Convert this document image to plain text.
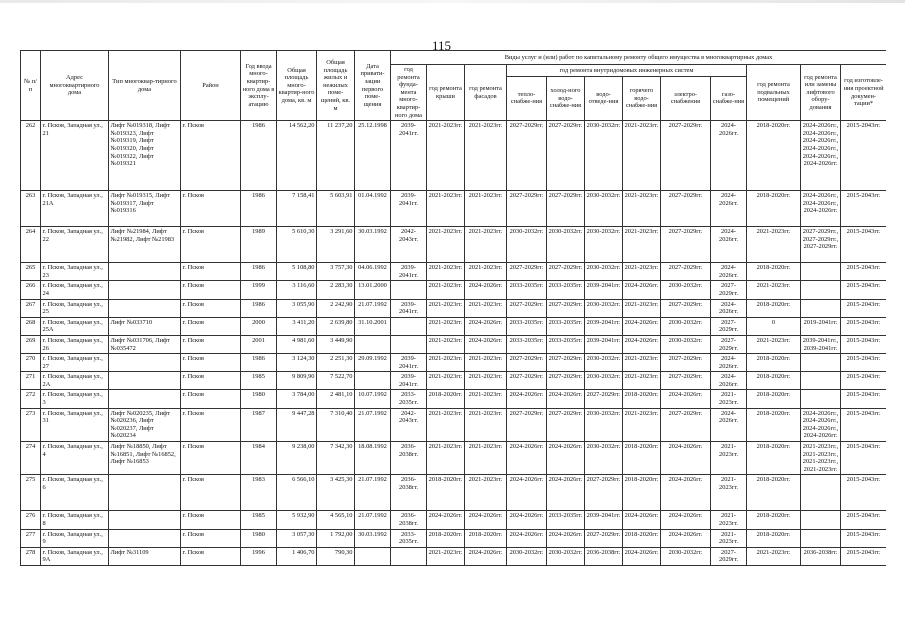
115
№ п/п	Адрес многоквартирного дома	Тип многоквар-тирного дома	Район	Год ввода много-квартир-ного дома в эксплу-атацию	Общая площадь много-квартир-ного дома, кв. м	Общая площадь жилых и нежилых поме-щений, кв. м	Дата привати-зации первого поме-щения	Виды услуг и (или) работ по капитальному ремонту общего имущества в многоквартирных домах											
								год ремонта фунда-мента много-квартир-ного дома	год ремонта крыши	год ремонта фасадов	год ремонта внутридомовых инженерных систем						год ремонта подвальных помещений	год ремонта или замены лифтового обору-дования	год изготовле-ния проектной докумен-тации*
											тепло-снабже-ния	холод-ного водо-снабже-ния	водо-отведе-ния	горячего водо-снабже-ния	электро-снабжения	газо-снабже-ния			
262	г. Псков, Западная ул., 21	Лифт №019318, Лифт №019323, Лифт №019319, Лифт №019320, Лифт №019322, Лифт №019321	г. Псков	1986	14 562,20	11 237,20	25.12.1998	2039-2041гг.	2021-2023гг.	2021-2023гг.	2027-2029гг.	2027-2029гг.	2030-2032гг.	2021-2023гг.	2027-2029гг.	2024-2026гг.	2018-2020гг.	2024-2026гг., 2024-2026гг., 2024-2026гг., 2024-2026гг., 2024-2026гг., 2024-2026гг.	2015-2043гг.
263	г. Псков, Западная ул., 21А	Лифт №019315, Лифт №019317, Лифт №019316	г. Псков	1986	7 158,41	5 603,91	01.04.1992	2039-2041гг.	2021-2023гг.	2021-2023гг.	2027-2029гг.	2027-2029гг.	2030-2032гг.	2021-2023гг.	2027-2029гг.	2024-2026гг.	2018-2020гг.	2024-2026гг., 2024-2026гг., 2024-2026гг.	2015-2043гг.
264	г. Псков, Западная ул., 22	Лифт №21984, Лифт №21982, Лифт №21983	г. Псков	1989	5 610,30	3 291,60	30.03.1992	2042-2043гг.	2021-2023гг.	2021-2023гг.	2030-2032гг.	2030-2032гг.	2030-2032гг.	2021-2023гг.	2027-2029гг.	2024-2026гг.	2021-2023гг.	2027-2029гг., 2027-2029гг., 2027-2029гг.	2015-2043гг.
265	г. Псков, Западная ул., 23		г. Псков	1986	5 108,80	3 757,30	04.06.1992	2039-2041гг.	2021-2023гг.	2021-2023гг.	2027-2029гг.	2027-2029гг.	2030-2032гг.	2021-2023гг.	2027-2029гг.	2024-2026гг.	2018-2020гг.		2015-2043гг.
266	г. Псков, Западная ул., 24		г. Псков	1999	3 116,60	2 283,30	13.01.2000		2021-2023гг.	2024-2026гг.	2033-2035гг.	2033-2035гг.	2039-2041гг.	2024-2026гг.	2030-2032гг.	2027-2029гг.	2021-2023гг.		2015-2043гг.
267	г. Псков, Западная ул., 25		г. Псков	1986	3 055,90	2 242,90	21.07.1992	2039-2041гг.	2021-2023гг.	2021-2023гг.	2027-2029гг.	2027-2029гг.	2030-2032гг.	2021-2023гг.	2027-2029гг.	2024-2026гг.	2018-2020гг.		2015-2043гг.
268	г. Псков, Западная ул., 25А	Лифт №033710	г. Псков	2000	3 411,20	2 639,80	31.10.2001		2021-2023гг.	2024-2026гг.	2033-2035гг.	2033-2035гг.	2039-2041гг.	2024-2026гг.	2030-2032гг.	2027-2029гг.	0	2019-2041гг.	2015-2043гг.
269	г. Псков, Западная ул., 26	Лифт №031706, Лифт №035472	г. Псков	2001	4 981,60	3 449,90			2021-2023гг.	2024-2026гг.	2033-2035гг.	2033-2035гг.	2039-2041гг.	2024-2026гг.	2030-2032гг.	2027-2029гг.	2021-2023гг.	2039-2041гг., 2039-2041гг.	2015-2043гг.
270	г. Псков, Западная ул., 27		г. Псков	1986	3 124,30	2 251,30	29.09.1992	2039-2041гг.	2021-2023гг.	2021-2023гг.	2027-2029гг.	2027-2029гг.	2030-2032гг.	2021-2023гг.	2027-2029гг.	2024-2026гг.	2018-2020гг.		2015-2043гг.
271	г. Псков, Западная ул., 2А		г. Псков	1985	9 809,90	7 522,70		2039-2041гг.	2021-2023гг.	2021-2023гг.	2027-2029гг.	2027-2029гг.	2030-2032гг.	2021-2023гг.	2027-2029гг.	2024-2026гг.	2018-2020гг.		2015-2043гг.
272	г. Псков, Западная ул., 3		г. Псков	1980	3 784,00	2 481,10	10.07.1992	2033-2035гг.	2018-2020гг.	2021-2023гг.	2024-2026гг.	2024-2026гг.	2027-2029гг.	2018-2020гг.	2024-2026гг.	2021-2023гг.	2018-2020гг.		2015-2043гг.
273	г. Псков, Западная ул., 31	Лифт №020235, Лифт №020236, Лифт №020237, Лифт №020234	г. Псков	1987	9 447,28	7 310,40	21.07.1992	2042-2043гг.	2021-2023гг.	2021-2023гг.	2027-2029гг.	2027-2029гг.	2030-2032гг.	2021-2023гг.	2027-2029гг.	2024-2026гг.	2018-2020гг.	2024-2026гг., 2024-2026гг., 2024-2026гг., 2024-2026гг.	2015-2043гг.
274	г. Псков, Западная ул., 4	Лифт №18850, Лифт №16851, Лифт №16852, Лифт №16853	г. Псков	1984	9 238,00	7 342,30	18.08.1992	2036-2038гг.	2021-2023гг.	2021-2023гг.	2024-2026гг.	2024-2026гг.	2030-2032гг.	2018-2020гг.	2024-2026гг.	2021-2023гг.	2018-2020гг.	2021-2023гг., 2021-2023гг., 2021-2023гг., 2021-2023гг.	2015-2043гг.
275	г. Псков, Западная ул., 6		г. Псков	1983	6 566,10	3 425,30	21.07.1992	2036-2038гг.	2018-2020гг.	2021-2023гг.	2024-2026гг.	2024-2026гг.	2027-2029гг.	2018-2020гг.	2024-2026гг.	2021-2023гг.	2018-2020гг.		2015-2043гг.
276	г. Псков, Западная ул., 8		г. Псков	1985	5 932,90	4 565,10	21.07.1992	2036-2038гг.	2024-2026гг.	2024-2026гг.	2024-2026гг.	2033-2035гг.	2039-2041гг.	2024-2026гг.	2024-2026гг.	2021-2023гг.	2018-2020гг.		2015-2043гг.
277	г. Псков, Западная ул., 9		г. Псков	1980	3 057,30	1 792,00	30.03.1992	2033-2035гг.	2018-2020гг.	2018-2020гг.	2024-2026гг.	2024-2026гг.	2027-2029гг.	2018-2020гг.	2024-2026гг.	2021-2023гг.	2018-2020гг.		2015-2043гг.
278	г. Псков, Западная ул., 9А	Лифт №31109	г. Псков	1996	1 406,70	790,30			2021-2023гг.	2024-2026гг.	2030-2032гг.	2030-2032гг.	2036-2038гг.	2024-2026гг.	2030-2032гг.	2027-2029гг.	2021-2023гг.	2036-2038гг.	2015-2043гг.
